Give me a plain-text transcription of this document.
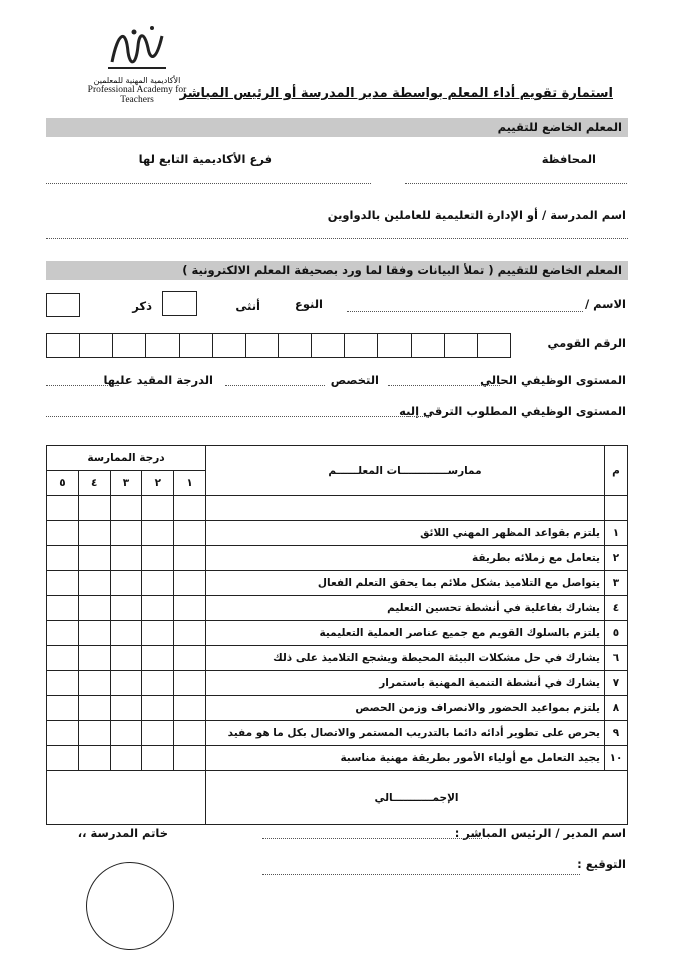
الأكاديمية المهنية للمعلمين
Professional Academy for Teachers	استمارة تقويم أداء المعلم بواسطة مدير المدرسة أو الرئيس المباشر
المعلم الخاضع للتقييم
المحافظة
فرع الأكاديمية التابع لها
اسم المدرسة / أو الإدارة التعليمية للعاملين بالدواوين
المعلم الخاضع للتقييم ( تملأ البيانات وفقا لما ورد بصحيفة المعلم الالكترونية )
الاسم /
النوع
أنثى
ذكر
الرقم القومي
المستوى الوظيفي الحالي
التخصص
الدرجة المقيد عليها
المستوى الوظيفي المطلوب الترقي إليه
م	ممارســـــــــــــات المعلــــــم	درجة الممارسة				
		١	٢	٣	٤	٥

١	يلتزم بقواعد المظهر المهني اللائق					
٢	يتعامل مع زملائه بطريقة					
٣	يتواصل مع التلاميذ بشكل ملائم بما يحقق التعلم الفعال					
٤	يشارك بفاعلية في أنشطة تحسين التعليم					
٥	يلتزم بالسلوك القويم مع جميع عناصر العملية التعليمية					
٦	يشارك في حل مشكلات البيئة المحيطة ويشجع التلاميذ على ذلك					
٧	يشارك في أنشطة التنمية المهنية باستمرار					
٨	يلتزم بمواعيد الحضور والانصراف وزمن الحصص					
٩	يحرص على تطوير أدائه دائما بالتدريب المستمر والاتصال بكل ما هو مفيد					
١٠	يجيد التعامل مع أولياء الأمور بطريقة مهنية مناسبة					
الإجمـــــــــــالي						
اسم المدير / الرئيس المباشر :
خاتم المدرسة ،،
التوقيع :
